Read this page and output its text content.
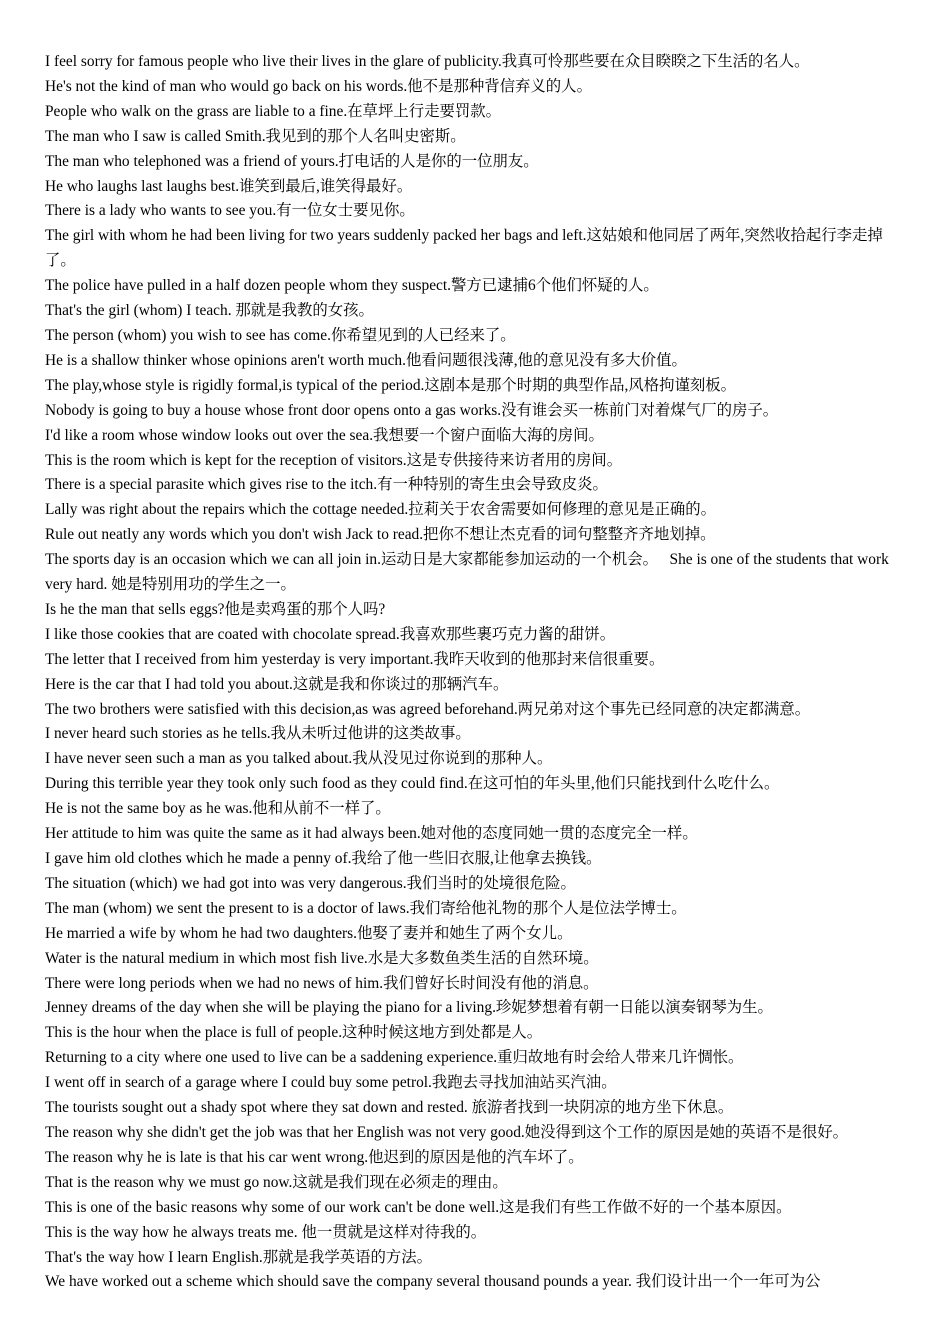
I feel sorry for famous people who live their lives in the glare of publicity.我真可怜那些要在众目睽睽之下生活的名人。

He's not the kind of man who would go back on his words.他不是那种背信弃义的人。

People who walk on the grass are liable to a fine.在草坪上行走要罚款。

The man who I saw is called Smith.我见到的那个人名叫史密斯。

The man who telephoned was a friend of yours.打电话的人是你的一位朋友。

He who laughs last laughs best.谁笑到最后,谁笑得最好。

There is a lady who wants to see you.有一位女士要见你。

The girl with whom he had been living for two years suddenly packed her bags and left.这姑娘和他同居了两年,突然收拾起行李走掉了。

The police have pulled in a half dozen people whom they suspect.警方已逮捕6个他们怀疑的人。

That's the girl (whom) I teach. 那就是我教的女孩。

The person (whom) you wish to see has come.你希望见到的人已经来了。

He is a shallow thinker whose opinions aren't worth much.他看问题很浅薄,他的意见没有多大价值。

The play,whose style is rigidly formal,is typical of the period.这剧本是那个时期的典型作品,风格拘谨刻板。

Nobody is going to buy a house whose front door opens onto a gas works.没有谁会买一栋前门对着煤气厂的房子。

I'd like a room whose window looks out over the sea.我想要一个窗户面临大海的房间。

This is the room which is kept for the reception of visitors.这是专供接待来访者用的房间。

There is a special parasite which gives rise to the itch.有一种特别的寄生虫会导致皮炎。

Lally was right about the repairs which the cottage needed.拉莉关于农舍需要如何修理的意见是正确的。

Rule out neatly any words which you don't wish Jack to read.把你不想让杰克看的词句整整齐齐地划掉。

The sports day is an occasion which we can all join in.运动日是大家都能参加运动的一个机会。　 She is one of the students that work very hard. 她是特别用功的学生之一。

Is he the man that sells eggs?他是卖鸡蛋的那个人吗?

I like those cookies that are coated with chocolate spread.我喜欢那些裹巧克力酱的甜饼。

The letter that I received from him yesterday is very important.我昨天收到的他那封来信很重要。

Here is the car that I had told you about.这就是我和你谈过的那辆汽车。

The two brothers were satisfied with this decision,as was agreed beforehand.两兄弟对这个事先已经同意的决定都满意。

I never heard such stories as he tells.我从未听过他讲的这类故事。

I have never seen such a man as you talked about.我从没见过你说到的那种人。

During this terrible year they took only such food as they could find.在这可怕的年头里,他们只能找到什么吃什么。

He is not the same boy as he was.他和从前不一样了。

Her attitude to him was quite the same as it had always been.她对他的态度同她一贯的态度完全一样。

I gave him old clothes which he made a penny of.我给了他一些旧衣服,让他拿去换钱。

The situation (which) we had got into was very dangerous.我们当时的处境很危险。

The man (whom) we sent the present to is a doctor of laws.我们寄给他礼物的那个人是位法学博士。

He married a wife by whom he had two daughters.他娶了妻并和她生了两个女儿。

Water is the natural medium in which most fish live.水是大多数鱼类生活的自然环境。

There were long periods when we had no news of him.我们曾好长时间没有他的消息。

Jenney dreams of the day when she will be playing the piano for a living.珍妮梦想着有朝一日能以演奏钢琴为生。

This is the hour when the place is full of people.这种时候这地方到处都是人。

Returning to a city where one used to live can be a saddening experience.重归故地有时会给人带来几许惆怅。

I went off in search of a garage where I could buy some petrol.我跑去寻找加油站买汽油。

The tourists sought out a shady spot where they sat down and rested. 旅游者找到一块阴凉的地方坐下休息。

The reason why she didn't get the job was that her English was not very good.她没得到这个工作的原因是她的英语不是很好。

The reason why he is late is that his car went wrong.他迟到的原因是他的汽车坏了。

That is the reason why we must go now.这就是我们现在必须走的理由。

This is one of the basic reasons why some of our work can't be done well.这是我们有些工作做不好的一个基本原因。

This is the way how he always treats me. 他一贯就是这样对待我的。

That's the way how I learn English.那就是我学英语的方法。

We have worked out a scheme which should save the company several thousand pounds a year. 我们设计出一个一年可为公
